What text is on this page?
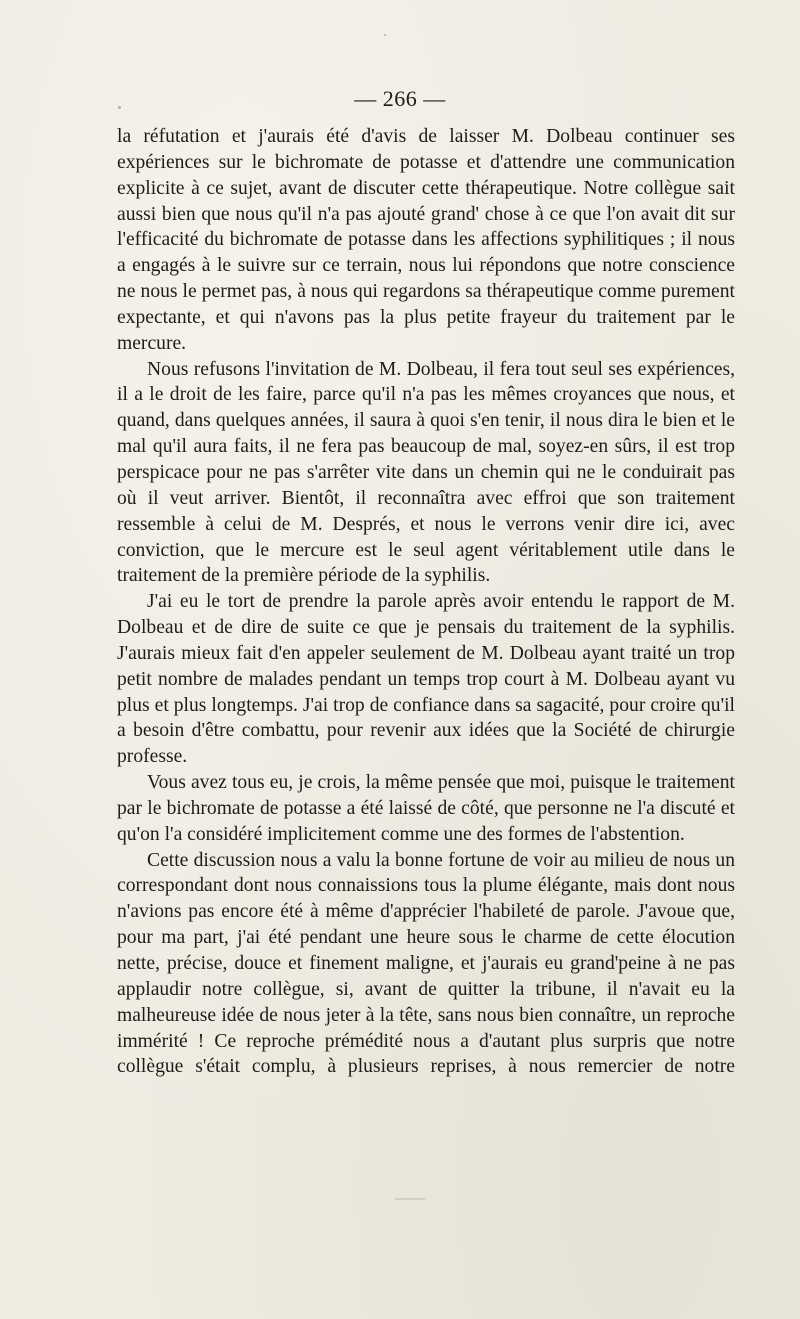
— 266 —

la réfutation et j'aurais été d'avis de laisser M. Dolbeau continuer ses expériences sur le bichromate de potasse et d'attendre une communication explicite à ce sujet, avant de discuter cette thérapeutique. Notre collègue sait aussi bien que nous qu'il n'a pas ajouté grand' chose à ce que l'on avait dit sur l'efficacité du bichromate de potasse dans les affections syphilitiques ; il nous a engagés à le suivre sur ce terrain, nous lui répondons que notre conscience ne nous le permet pas, à nous qui regardons sa thérapeutique comme purement expectante, et qui n'avons pas la plus petite frayeur du traitement par le mercure.

Nous refusons l'invitation de M. Dolbeau, il fera tout seul ses expériences, il a le droit de les faire, parce qu'il n'a pas les mêmes croyances que nous, et quand, dans quelques années, il saura à quoi s'en tenir, il nous dira le bien et le mal qu'il aura faits, il ne fera pas beaucoup de mal, soyez-en sûrs, il est trop perspicace pour ne pas s'arrêter vite dans un chemin qui ne le conduirait pas où il veut arriver. Bientôt, il reconnaîtra avec effroi que son traitement ressemble à celui de M. Després, et nous le verrons venir dire ici, avec conviction, que le mercure est le seul agent véritablement utile dans le traitement de la première période de la syphilis.

J'ai eu le tort de prendre la parole après avoir entendu le rapport de M. Dolbeau et de dire de suite ce que je pensais du traitement de la syphilis. J'aurais mieux fait d'en appeler seulement de M. Dolbeau ayant traité un trop petit nombre de malades pendant un temps trop court à M. Dolbeau ayant vu plus et plus longtemps. J'ai trop de confiance dans sa sagacité, pour croire qu'il a besoin d'être combattu, pour revenir aux idées que la Société de chirurgie professe.

Vous avez tous eu, je crois, la même pensée que moi, puisque le traitement par le bichromate de potasse a été laissé de côté, que personne ne l'a discuté et qu'on l'a considéré implicitement comme une des formes de l'abstention.

Cette discussion nous a valu la bonne fortune de voir au milieu de nous un correspondant dont nous connaissions tous la plume élégante, mais dont nous n'avions pas encore été à même d'apprécier l'habileté de parole. J'avoue que, pour ma part, j'ai été pendant une heure sous le charme de cette élocution nette, précise, douce et finement maligne, et j'aurais eu grand'peine à ne pas applaudir notre collègue, si, avant de quitter la tribune, il n'avait eu la malheureuse idée de nous jeter à la tête, sans nous bien connaître, un reproche immérité ! Ce reproche prémédité nous a d'autant plus surpris que notre collègue s'était complu, à plusieurs reprises, à nous remercier de notre
